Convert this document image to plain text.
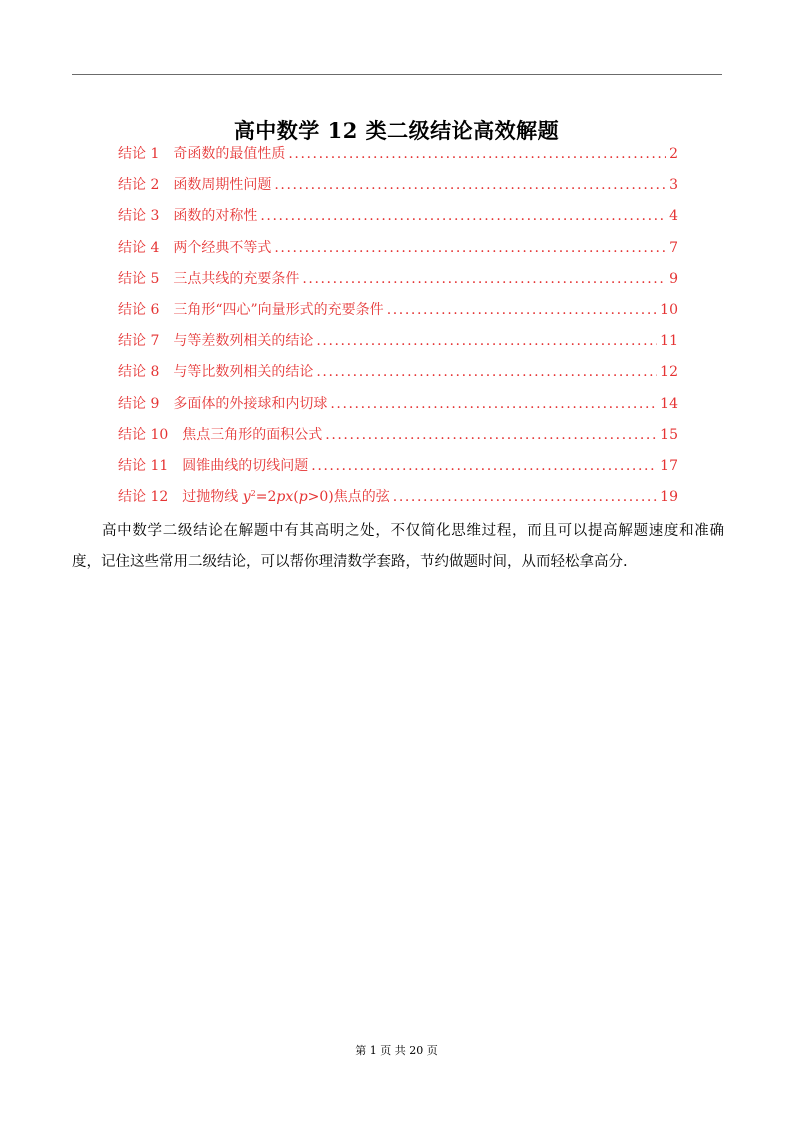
高中数学 12 类二级结论高效解题
结论 1 奇函数的最值性质 .....	2
结论 2 函数周期性问题 .....	3
结论 3 函数的对称性 .....	4
结论 4 两个经典不等式 .....	7
结论 5 三点共线的充要条件 .....	9
结论 6 三角形“四心”向量形式的充要条件 .....	10
结论 7 与等差数列相关的结论 .....	11
结论 8 与等比数列相关的结论 .....	12
结论 9 多面体的外接球和内切球 .....	14
结论 10 焦点三角形的面积公式 .....	15
结论 11 圆锥曲线的切线问题 .....	17
结论 12 过抛物线 $y^2=2px(p>0)$焦点的弦 .....	19

高中数学二级结论在解题中有其高明之处，不仅简化思维过程，而且可以提高解题速度和准确度，记住这些常用二级结论，可以帮你理清数学套路，节约做题时间，从而轻松拿高分.

第 1 页 共 20 页
